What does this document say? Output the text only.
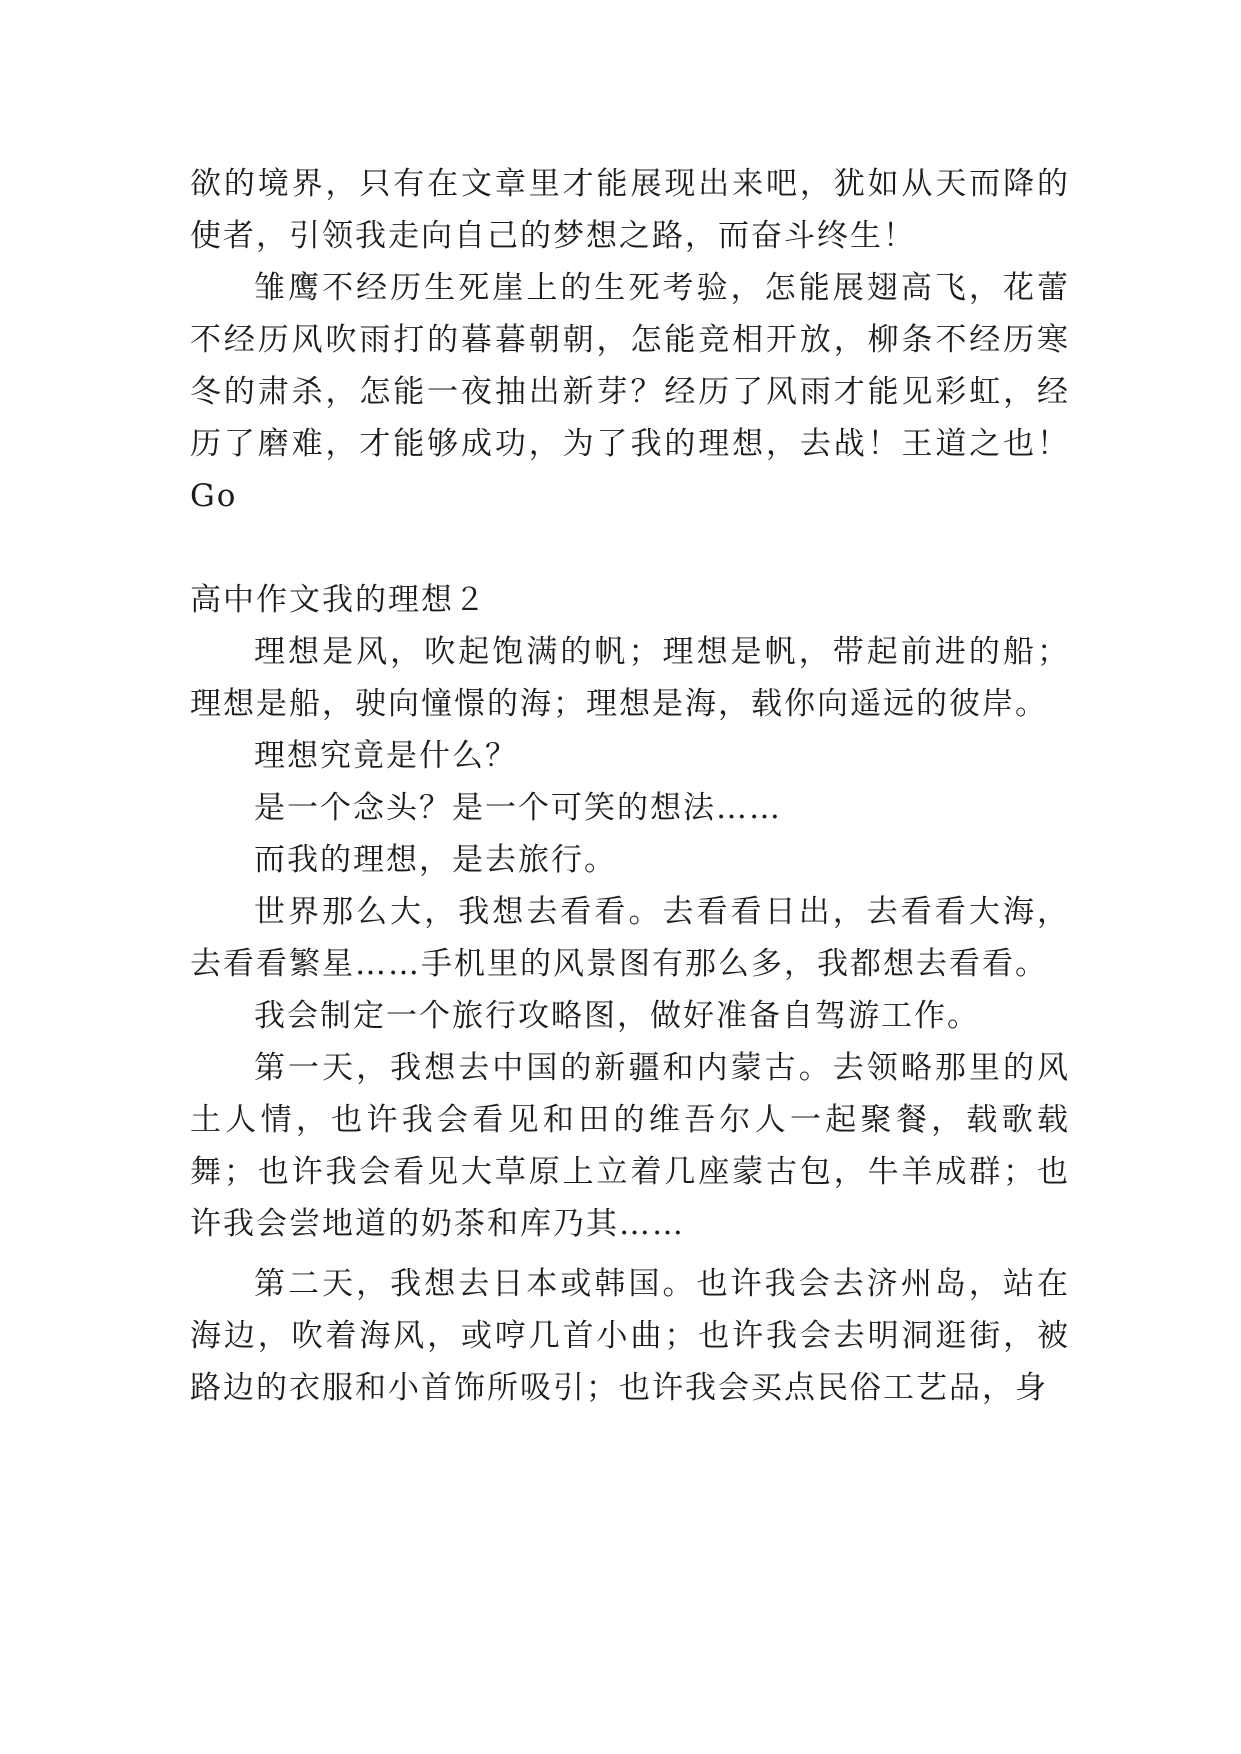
欲的境界，只有在文章里才能展现出来吧，犹如从天而降的使者，引领我走向自己的梦想之路，而奋斗终生！

雏鹰不经历生死崖上的生死考验，怎能展翅高飞，花蕾不经历风吹雨打的暮暮朝朝，怎能竞相开放，柳条不经历寒冬的肃杀，怎能一夜抽出新芽？经历了风雨才能见彩虹，经历了磨难，才能够成功，为了我的理想，去战！王道之也！Go

高中作文我的理想２

理想是风，吹起饱满的帆；理想是帆，带起前进的船；理想是船，驶向憧憬的海；理想是海，载你向遥远的彼岸。

理想究竟是什么？

是一个念头？是一个可笑的想法……

而我的理想，是去旅行。

世界那么大，我想去看看。去看看日出，去看看大海，去看看繁星……手机里的风景图有那么多，我都想去看看。

我会制定一个旅行攻略图，做好准备自驾游工作。

第一天，我想去中国的新疆和内蒙古。去领略那里的风土人情，也许我会看见和田的维吾尔人一起聚餐，载歌载舞；也许我会看见大草原上立着几座蒙古包，牛羊成群；也许我会尝地道的奶茶和库乃其……

第二天，我想去日本或韩国。也许我会去济州岛，站在海边，吹着海风，或哼几首小曲；也许我会去明洞逛街，被路边的衣服和小首饰所吸引；也许我会买点民俗工艺品，身
